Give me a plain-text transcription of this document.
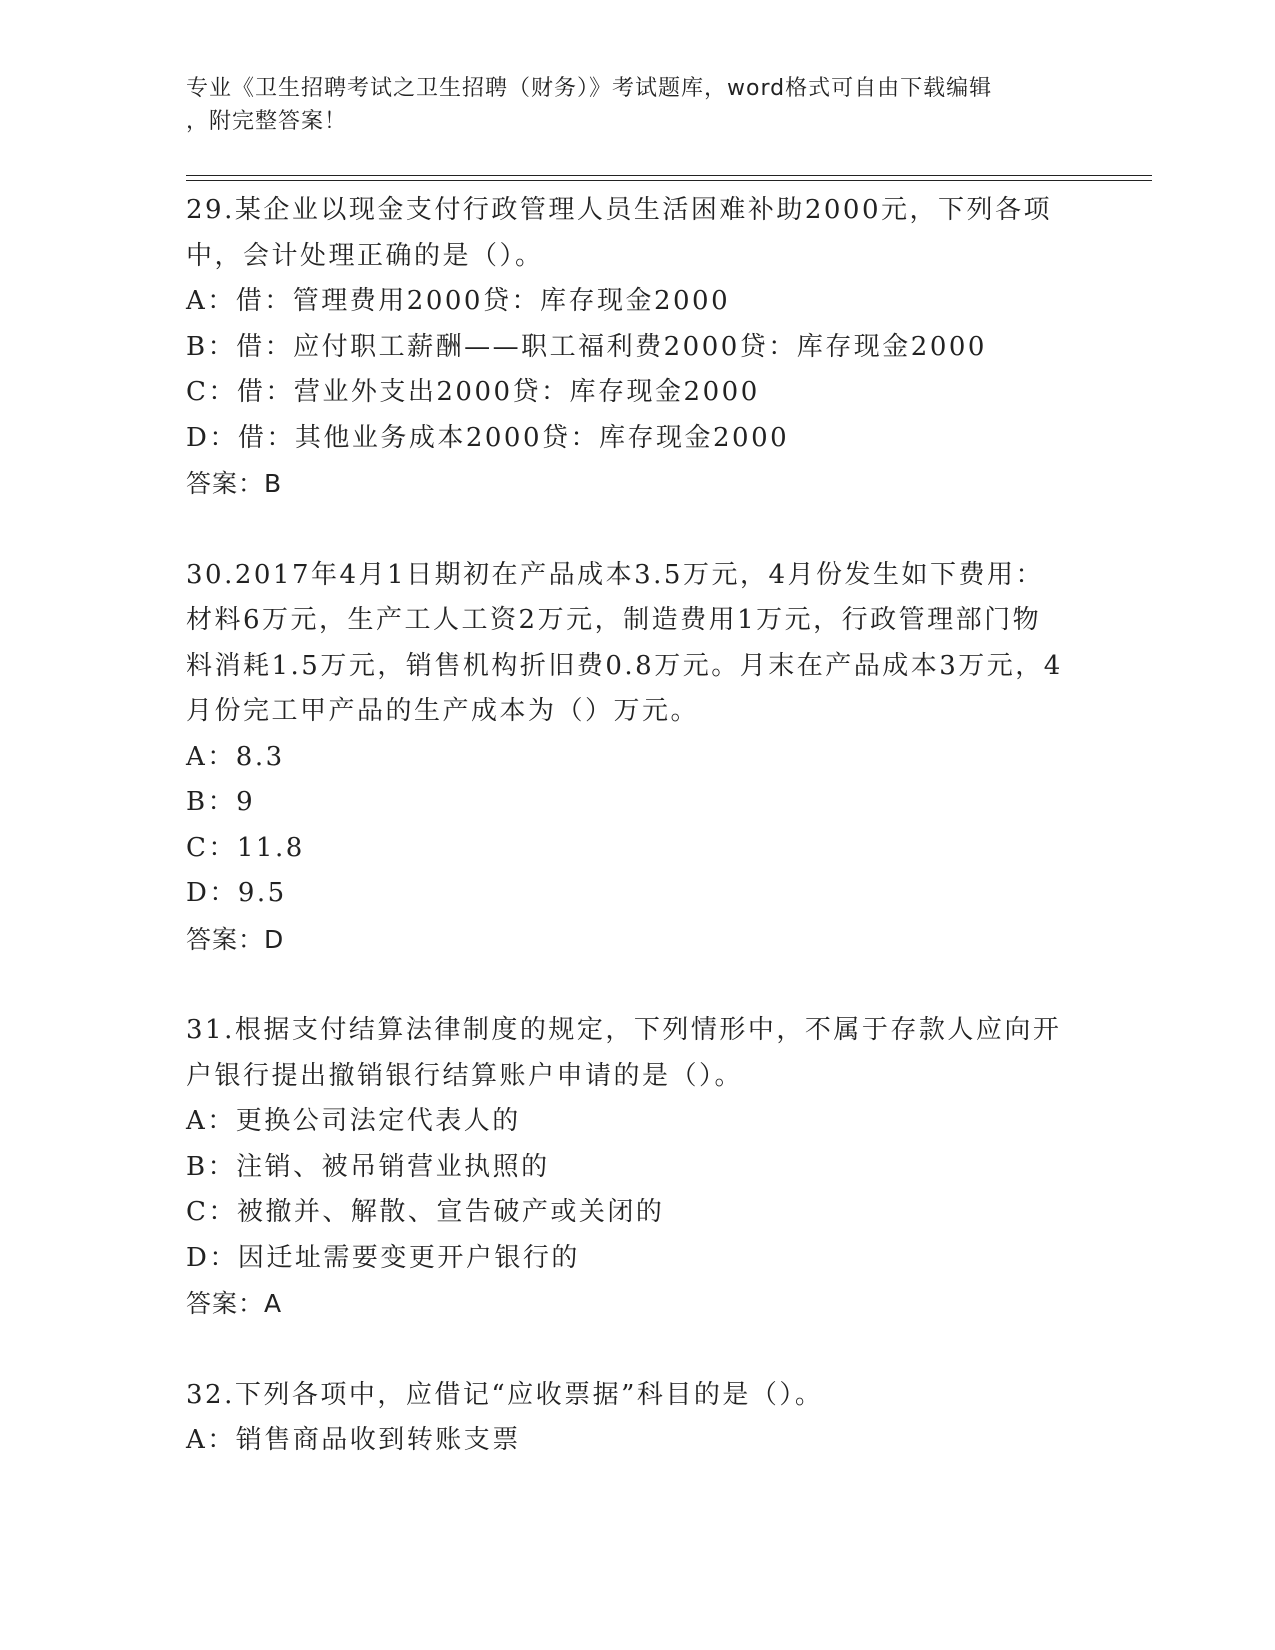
专业《卫生招聘考试之卫生招聘（财务）》考试题库，word格式可自由下载编辑
，附完整答案！

29.某企业以现金支付行政管理人员生活困难补助2000元，下列各项中，会计处理正确的是（）。

A：借：管理费用2000贷：库存现金2000

B：借：应付职工薪酬——职工福利费2000贷：库存现金2000

C：借：营业外支出2000贷：库存现金2000

D：借：其他业务成本2000贷：库存现金2000

答案：B

30.2017年4月1日期初在产品成本3.5万元，4月份发生如下费用：材料6万元，生产工人工资2万元，制造费用1万元，行政管理部门物料消耗1.5万元，销售机构折旧费0.8万元。月末在产品成本3万元，4月份完工甲产品的生产成本为（）万元。

A：8.3

B：9

C：11.8

D：9.5

答案：D

31.根据支付结算法律制度的规定，下列情形中，不属于存款人应向开户银行提出撤销银行结算账户申请的是（）。

A：更换公司法定代表人的

B：注销、被吊销营业执照的

C：被撤并、解散、宣告破产或关闭的

D：因迁址需要变更开户银行的

答案：A

32.下列各项中，应借记“应收票据”科目的是（）。

A：销售商品收到转账支票
